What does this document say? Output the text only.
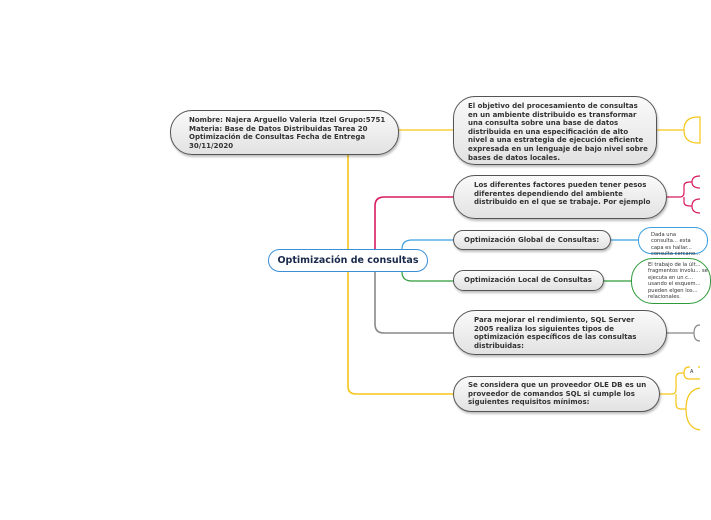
Nombre: Najera Arguello Valeria Itzel Grupo:5751 Materia: Base de Datos Distribuidas Tarea 20 Optimización de Consultas Fecha de Entrega 30/11/2020
Optimización de consultas
El objetivo del procesamiento de consultas en un ambiente distribuido es transformar una consulta sobre una base de datos distribuida en una especificación de alto nivel a una estrategia de ejecución eficiente expresada en un lenguaje de bajo nivel sobre bases de datos locales.
Los diferentes factores pueden tener pesos diferentes dependiendo del ambiente distribuido en el que se trabaje. Por ejemplo
Optimización Global de Consultas:
Optimización Local de Consultas
Para mejorar el rendimiento, SQL Server 2005 realiza los siguientes tipos de optimización específicos de las consultas distribuidas:
Se considera que un proveedor OLE DB es un proveedor de comandos SQL si cumple los siguientes requisitos mínimos:
Dada una consulta... esta capa es hallar... consulta cercano...
El trabajo de la últ... fragmentos involu... se ejecuta en un c... usando el esquem... pueden elgen los... relacionales.
A
